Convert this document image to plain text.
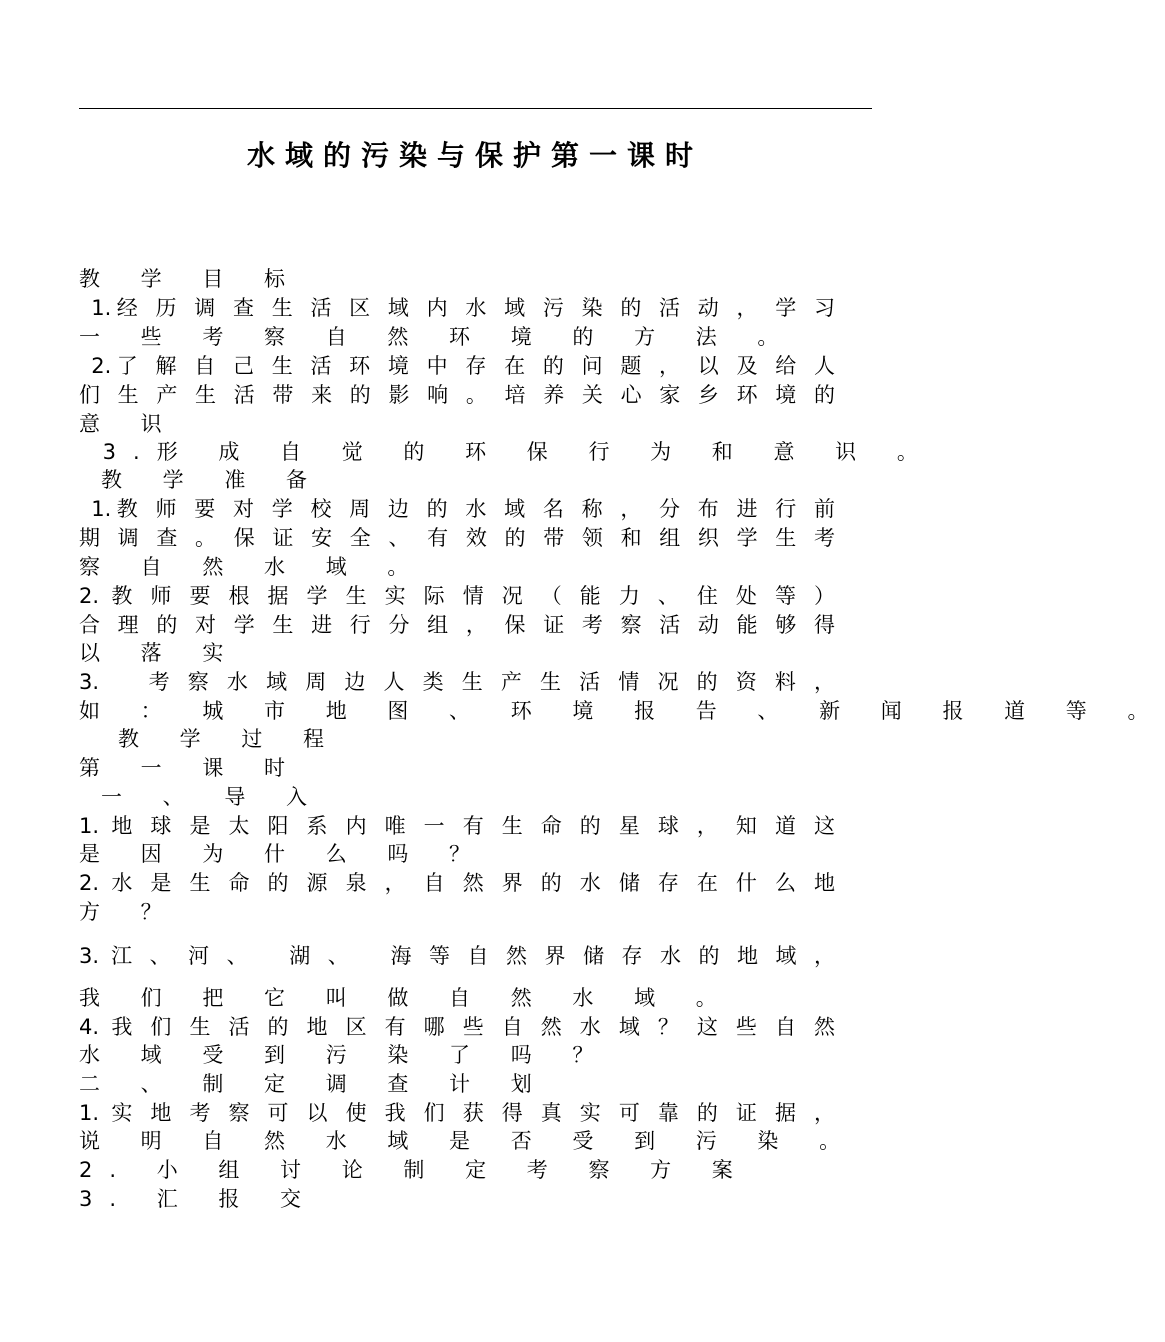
水域的污染与保护第一课时
教 学 目 标
1.经 历 调 查 生 活 区 域 内 水 域 污 染 的 活 动 ， 学 习
一 些 考 察 自 然 环 境 的 方 法 。
2.了 解 自 己 生 活 环 境 中 存 在 的 问 题 ， 以 及 给 人
们 生 产 生 活 带 来 的 影 响 。 培 养 关 心 家 乡 环 境 的
意 识
3.形 成 自 觉 的 环 保 行 为 和 意 识 。
教 学 准 备
1.教 师 要 对 学 校 周 边 的 水 域 名 称 ， 分 布 进 行 前
期 调 查 。 保 证 安 全 、 有 效 的 带 领 和 组 织 学 生 考
察 自 然 水 域 。
2. 教 师 要 根 据 学 生 实 际 情 况 （ 能 力 、 住 处 等 ）
合 理 的 对 学 生 进 行 分 组 ， 保 证 考 察 活 动 能 够 得
以 落 实
3.    考 察 水 域 周 边 人 类 生 产 生 活 情 况 的 资 料 ，
如 ： 城 市 地 图 、 环 境 报 告 、 新 闻 报 道 等 。
教 学 过 程
第 一 课 时
一 、 导 入
1. 地 球 是 太 阳 系 内 唯 一 有 生 命 的 星 球 ， 知 道 这
是 因 为 什 么 吗 ？
2. 水 是 生 命 的 源 泉 ， 自 然 界 的 水 储 存 在 什 么 地
方 ？
3. 江 、 河 、   湖 、   海 等 自 然 界 储 存 水 的 地 域 ，
我 们 把 它 叫 做 自 然 水 域 。
4. 我 们 生 活 的 地 区 有 哪 些 自 然 水 域 ？ 这 些 自 然
水 域 受 到 污 染 了 吗 ？
二 、 制 定 调 查 计 划
1. 实 地 考 察 可 以 使 我 们 获 得 真 实 可 靠 的 证 据 ，
说 明 自 然 水 域 是 否 受 到 污 染 。
2. 小 组 讨 论 制 定 考 察 方 案
3. 汇 报 交
